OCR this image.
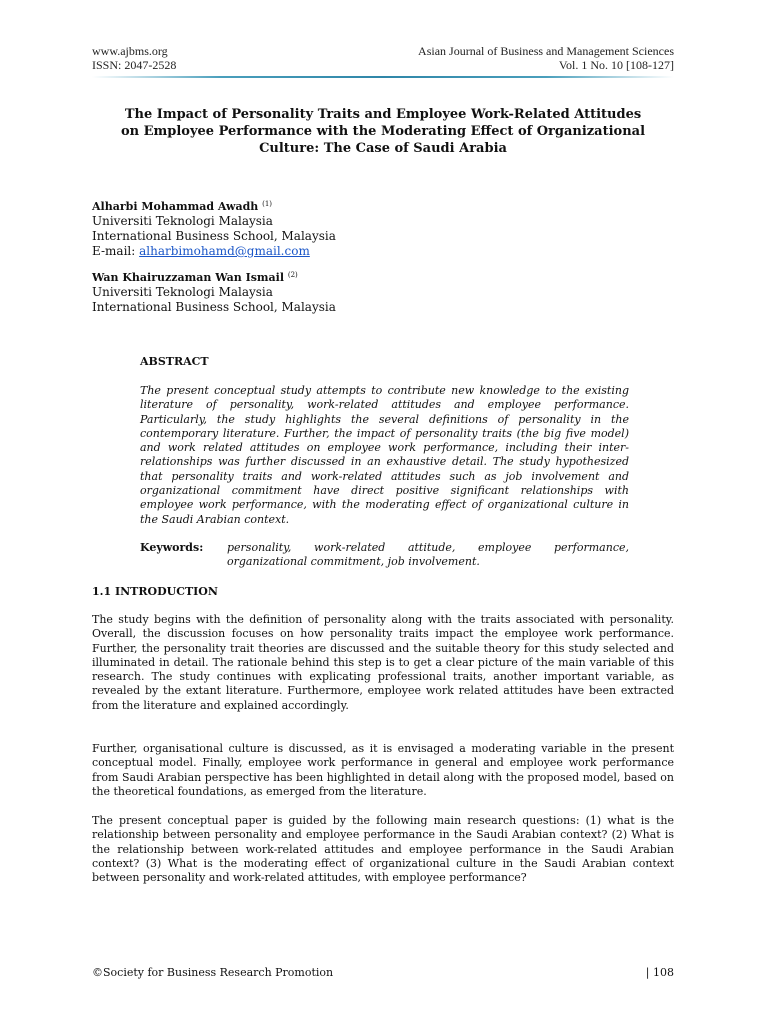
www.ajbms.org	Asian Journal of Business and Management Sciences
ISSN: 2047-2528	Vol. 1 No. 10 [108-127]
The Impact of Personality Traits and Employee Work-Related Attitudes
on Employee Performance with the Moderating Effect of Organizational
Culture: The Case of Saudi Arabia
Alharbi Mohammad Awadh $^{(1)}$
Universiti Teknologi Malaysia
International Business School, Malaysia
E-mail: alharbimohamd@gmail.com
Wan Khairuzzaman Wan Ismail $^{(2)}$
Universiti Teknologi Malaysia
International Business School, Malaysia
ABSTRACT
The present conceptual study attempts to contribute new knowledge to the existing literature of personality, work-related attitudes and employee performance. Particularly, the study highlights the several definitions of personality in the contemporary literature. Further, the impact of personality traits (the big five model) and work related attitudes on employee work performance, including their inter-relationships was further discussed in an exhaustive detail. The study hypothesized that personality traits and work-related attitudes such as job involvement and organizational commitment have direct positive significant relationships with employee work performance, with the moderating effect of organizational culture in the Saudi Arabian context.
Keywords: personality, work-related attitude, employee performance, organizational commitment, job involvement.
1.1 INTRODUCTION
The study begins with the definition of personality along with the traits associated with personality. Overall, the discussion focuses on how personality traits impact the employee work performance. Further, the personality trait theories are discussed and the suitable theory for this study selected and illuminated in detail. The rationale behind this step is to get a clear picture of the main variable of this research. The study continues with explicating professional traits, another important variable, as revealed by the extant literature. Furthermore, employee work related attitudes have been extracted from the literature and explained accordingly.
Further, organisational culture is discussed, as it is envisaged a moderating variable in the present conceptual model. Finally, employee work performance in general and employee work performance from Saudi Arabian perspective has been highlighted in detail along with the proposed model, based on the theoretical foundations, as emerged from the literature.
The present conceptual paper is guided by the following main research questions: (1) what is the relationship between personality and employee performance in the Saudi Arabian context? (2) What is the relationship between work-related attitudes and employee performance in the Saudi Arabian context? (3) What is the moderating effect of organizational culture in the Saudi Arabian context between personality and work-related attitudes, with employee performance?
©Society for Business Research Promotion	| 108
